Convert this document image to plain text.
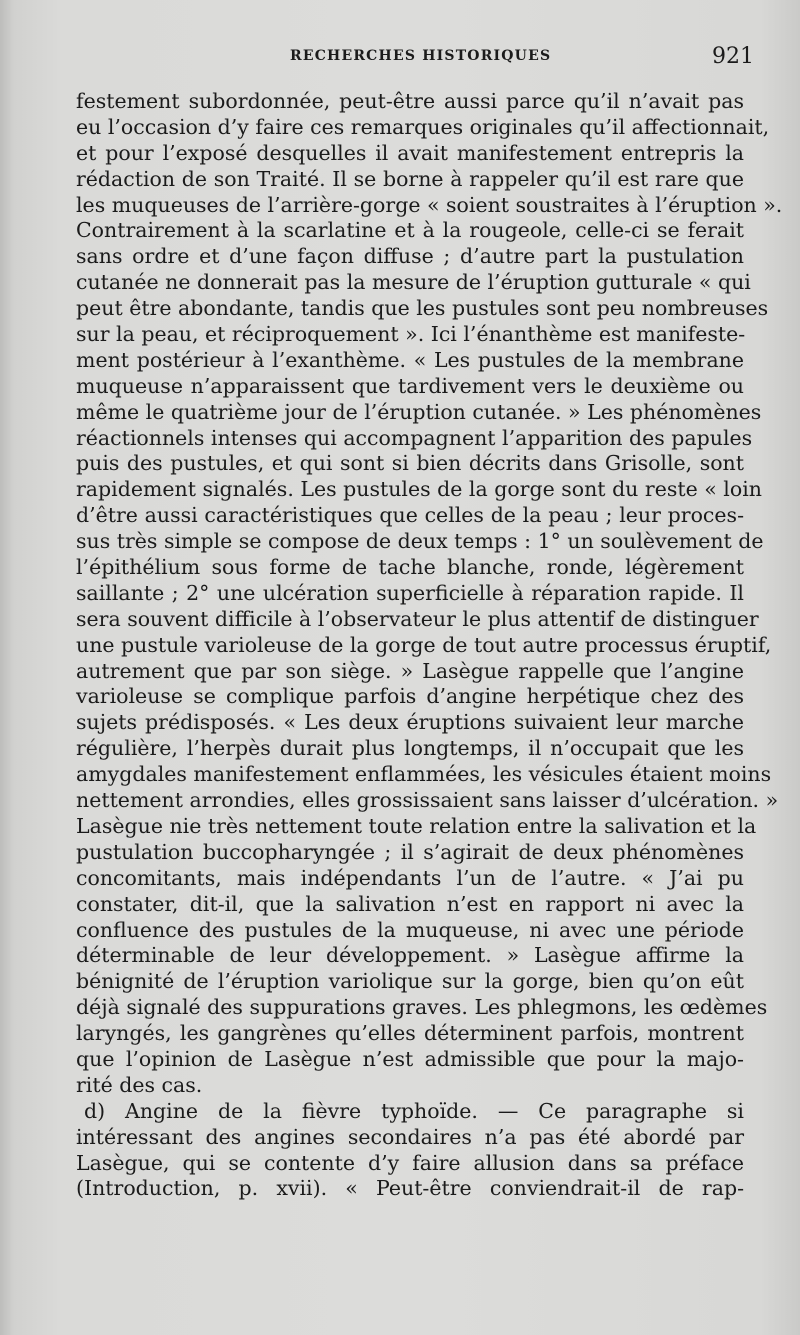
RECHERCHES HISTORIQUES	921
festement subordonnée, peut-être aussi parce qu’il n’avait pas
eu l’occasion d’y faire ces remarques originales qu’il affectionnait,
et pour l’exposé desquelles il avait manifestement entrepris la
rédaction de son Traité. Il se borne à rappeler qu’il est rare que
les muqueuses de l’arrière-gorge « soient soustraites à l’éruption ».
Contrairement à la scarlatine et à la rougeole, celle-ci se ferait
sans ordre et d’une façon diffuse ; d’autre part la pustulation
cutanée ne donnerait pas la mesure de l’éruption gutturale « qui
peut être abondante, tandis que les pustules sont peu nombreuses
sur la peau, et réciproquement ». Ici l’énanthème est manifeste-
ment postérieur à l’exanthème. « Les pustules de la membrane
muqueuse n’apparaissent que tardivement vers le deuxième ou
même le quatrième jour de l’éruption cutanée. » Les phénomènes
réactionnels intenses qui accompagnent l’apparition des papules
puis des pustules, et qui sont si bien décrits dans Grisolle, sont
rapidement signalés. Les pustules de la gorge sont du reste « loin
d’être aussi caractéristiques que celles de la peau ; leur proces-
sus très simple se compose de deux temps : 1° un soulèvement de
l’épithélium sous forme de tache blanche, ronde, légèrement
saillante ; 2° une ulcération superficielle à réparation rapide. Il
sera souvent difficile à l’observateur le plus attentif de distinguer
une pustule varioleuse de la gorge de tout autre processus éruptif,
autrement que par son siège. » Lasègue rappelle que l’angine
varioleuse se complique parfois d’angine herpétique chez des
sujets prédisposés. « Les deux éruptions suivaient leur marche
régulière, l’herpès durait plus longtemps, il n’occupait que les
amygdales manifestement enflammées, les vésicules étaient moins
nettement arrondies, elles grossissaient sans laisser d’ulcération. »
Lasègue nie très nettement toute relation entre la salivation et la
pustulation buccopharyngée ; il s’agirait de deux phénomènes
concomitants, mais indépendants l’un de l’autre. « J’ai pu
constater, dit-il, que la salivation n’est en rapport ni avec la
confluence des pustules de la muqueuse, ni avec une période
déterminable de leur développement. » Lasègue affirme la
bénignité de l’éruption variolique sur la gorge, bien qu’on eût
déjà signalé des suppurations graves. Les phlegmons, les œdèmes
laryngés, les gangrènes qu’elles déterminent parfois, montrent
que l’opinion de Lasègue n’est admissible que pour la majo-
rité des cas.
d) Angine de la fièvre typhoïde. — Ce paragraphe si
intéressant des angines secondaires n’a pas été abordé par
Lasègue, qui se contente d’y faire allusion dans sa préface
(Introduction, p. xvii). « Peut-être conviendrait-il de rap-
